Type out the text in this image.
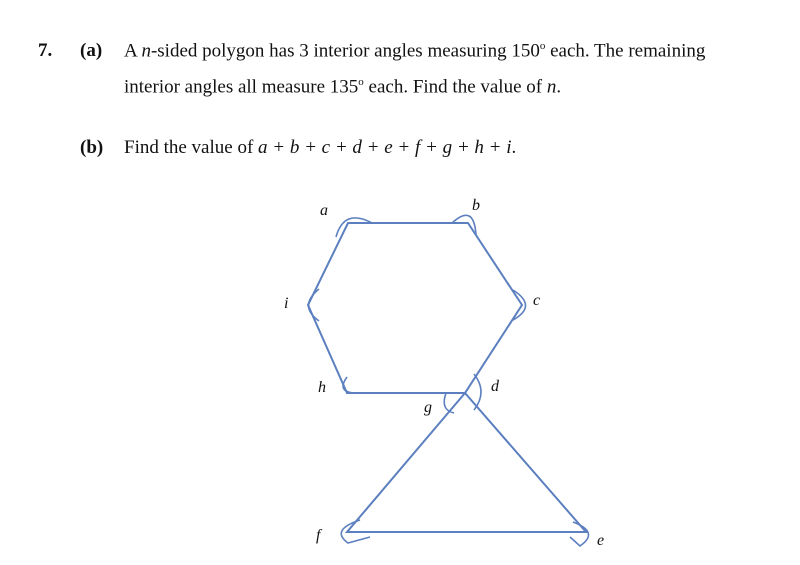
7. (a) A n-sided polygon has 3 interior angles measuring 150$^o$ each. The remaining
interior angles all measure 135$^o$ each. Find the value of n.
(b) Find the value of a + b + c + d + e + f + g + h + i.
a	b
c
d
e
f
g
h
i
